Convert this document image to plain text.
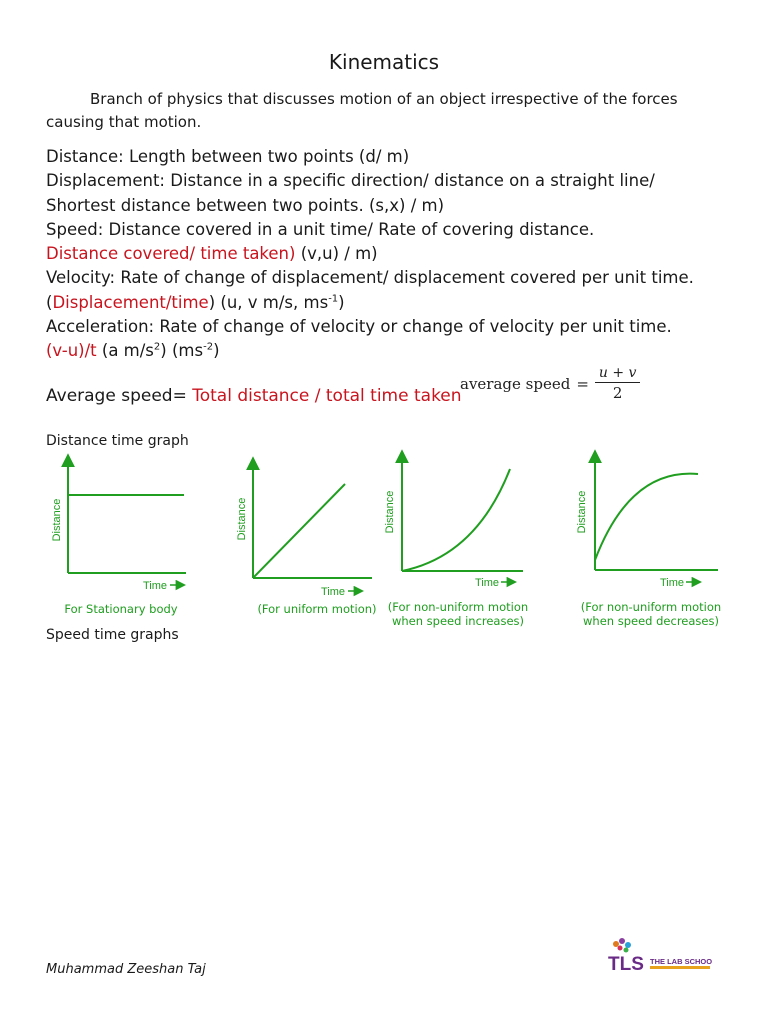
Kinematics

Branch of physics that discusses motion of an object irrespective of the forces causing that motion.

Distance: Length between two points (d/ m)
Displacement: Distance in a specific direction/ distance on a straight line/
Shortest distance between two points. (s,x) / m)
Speed: Distance covered in a unit time/ Rate of covering distance.
Distance covered/ time taken) (v,u) / m)
Velocity: Rate of change of displacement/ displacement covered per unit time.
(Displacement/time) (u, v m/s, $ms^{-1}$)
Acceleration: Rate of change of velocity or change of velocity per unit time.
(v-u)/t (a $m/s^2$) $(ms^{-2})$
average speed = $\frac{u + v}{2}$
Average speed= Total distance / total time taken
Distance time graph
Distance
Time
For Stationary body
Distance
Time
(For uniform motion)
Distance
Time
(For non-uniform motion
when speed increases)
Distance
Time
(For non-uniform motion
when speed decreases)
Speed time graphs
Muhammad Zeeshan Taj	TLS THE LAB SCHOOL
